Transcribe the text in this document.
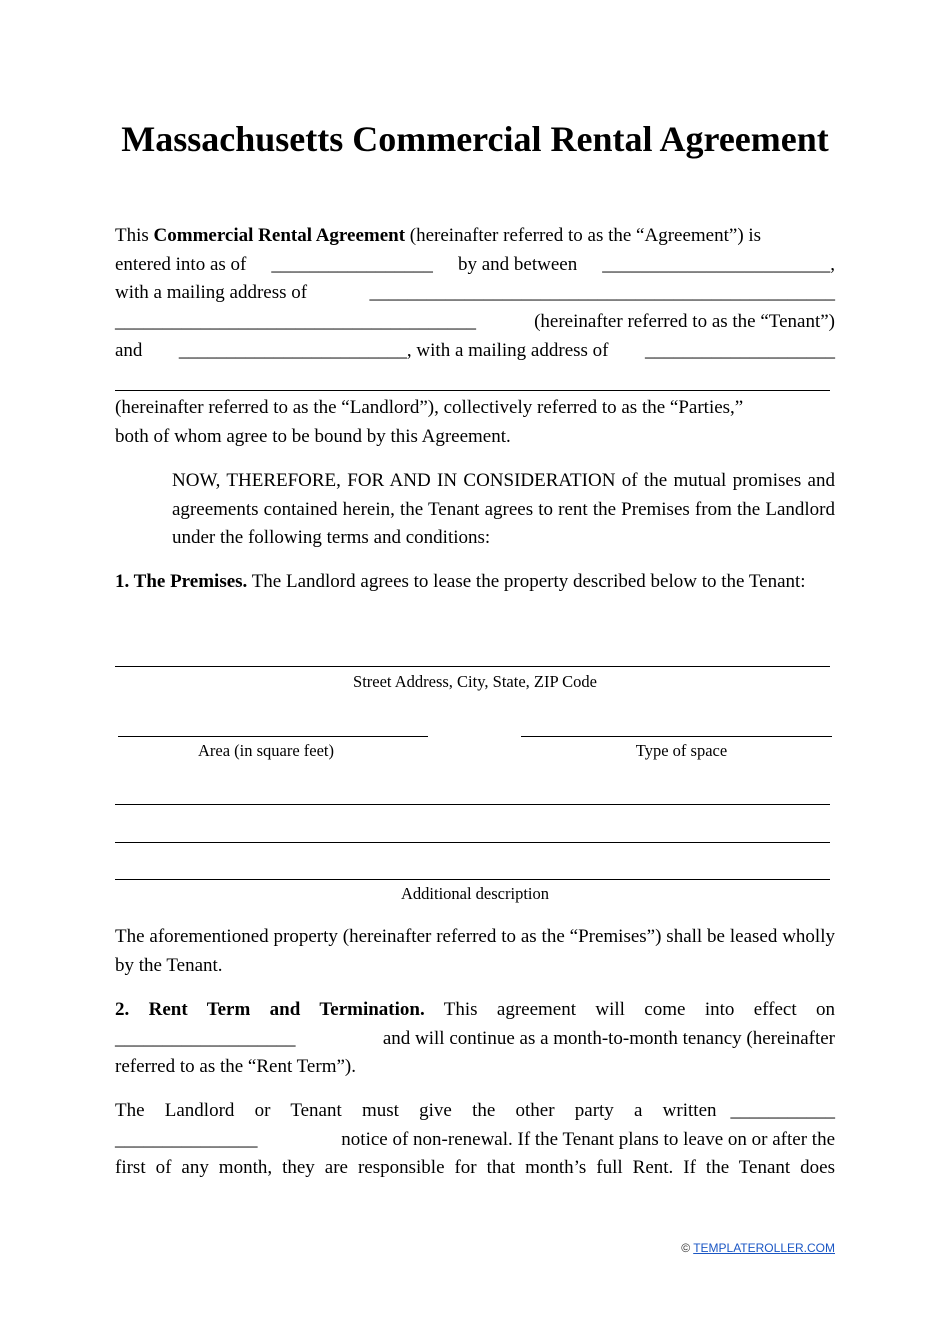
Massachusetts Commercial Rental Agreement
This Commercial Rental Agreement (hereinafter referred to as the “Agreement”) is
entered into as of _________________ by and between ________________________,
with a mailing address of	_________________________________________________
______________________________________	(hereinafter referred to as the “Tenant”)
and ________________________, with a mailing address of ____________________
(hereinafter referred to as the “Landlord”), collectively referred to as the “Parties,”
both of whom agree to be bound by this Agreement.
NOW, THEREFORE, FOR AND IN CONSIDERATION of the mutual promises and agreements contained herein, the Tenant agrees to rent the Premises from the Landlord under the following terms and conditions:
1. The Premises. The Landlord agrees to lease the property described below to the Tenant:
Street Address, City, State, ZIP Code
Area (in square feet)	Type of space
Additional description
The aforementioned property (hereinafter referred to as the “Premises”) shall be leased wholly by the Tenant.
2. Rent Term and Termination. This agreement will come into effect on
___________________	and will continue as a month-to-month tenancy (hereinafter
referred to as the “Rent Term”).
The Landlord or Tenant must give the other party a written ___________
_______________	notice of non-renewal. If the Tenant plans to leave on or after the
first of any month, they are responsible for that month’s full Rent. If the Tenant does
© TEMPLATEROLLER.COM
